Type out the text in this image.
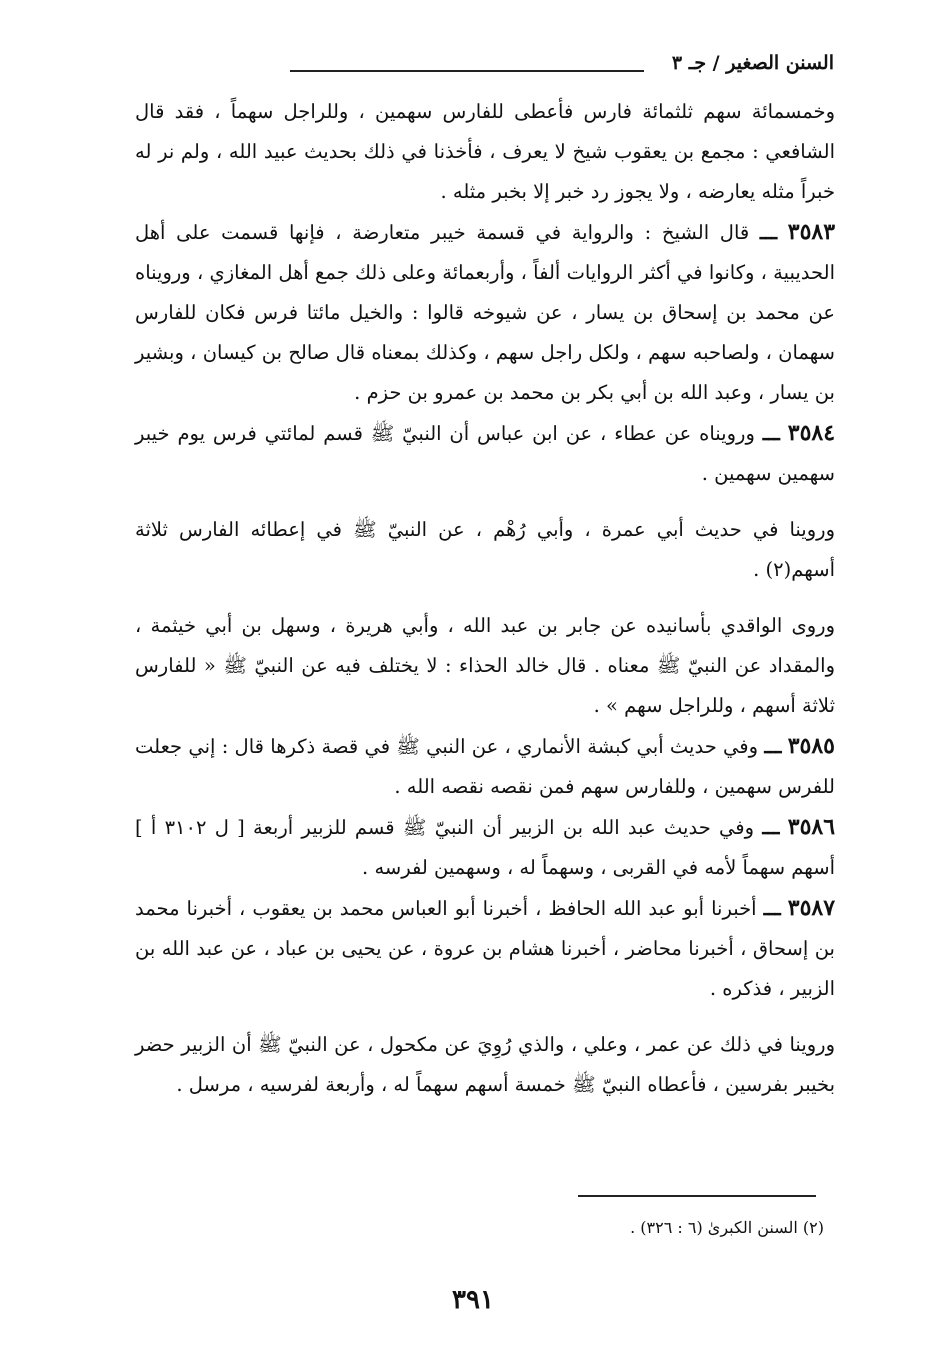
السنن الصغير / جـ ٣

وخمسمائة سهم ثلثمائة فارس فأعطى للفارس سهمين ، وللراجل سهماً ، فقد قال الشافعي : مجمع بن يعقوب شيخ لا يعرف ، فأخذنا في ذلك بحديث عبيد الله ، ولم نر له خبراً مثله يعارضه ، ولا يجوز رد خبر إلا بخبر مثله .

٣٥٨٣ ـــ قال الشيخ : والرواية في قسمة خيبر متعارضة ، فإنها قسمت على أهل الحديبية ، وكانوا في أكثر الروايات ألفاً ، وأربعمائة وعلى ذلك جمع أهل المغازي ، ورويناه عن محمد بن إسحاق بن يسار ، عن شيوخه قالوا : والخيل مائتا فرس فكان للفارس سهمان ، ولصاحبه سهم ، ولكل راجل سهم ، وكذلك بمعناه قال صالح بن كيسان ، وبشير بن يسار ، وعبد الله بن أبي بكر بن محمد بن عمرو بن حزم .

٣٥٨٤ ـــ ورويناه عن عطاء ، عن ابن عباس أن النبيّ ﷺ قسم لمائتي فرس يوم خيبر سهمين سهمين .

وروينا في حديث أبي عمرة ، وأبي رُهْم ، عن النبيّ ﷺ في إعطائه الفارس ثلاثة أسهم(٢) .

وروى الواقدي بأسانيده عن جابر بن عبد الله ، وأبي هريرة ، وسهل بن أبي خيثمة ، والمقداد عن النبيّ ﷺ معناه . قال خالد الحذاء : لا يختلف فيه عن النبيّ ﷺ « للفارس ثلاثة أسهم ، وللراجل سهم » .

٣٥٨٥ ـــ وفي حديث أبي كبشة الأنماري ، عن النبي ﷺ في قصة ذكرها قال : إني جعلت للفرس سهمين ، وللفارس سهم فمن نقصه نقصه الله .

٣٥٨٦ ـــ وفي حديث عبد الله بن الزبير أن النبيّ ﷺ قسم للزبير أربعة [ ل ٣١٠٢ أ ] أسهم سهماً لأمه في القربى ، وسهماً له ، وسهمين لفرسه .

٣٥٨٧ ـــ أخبرنا أبو عبد الله الحافظ ، أخبرنا أبو العباس محمد بن يعقوب ، أخبرنا محمد بن إسحاق ، أخبرنا محاضر ، أخبرنا هشام بن عروة ، عن يحيى بن عباد ، عن عبد الله بن الزبير ، فذكره .

وروينا في ذلك عن عمر ، وعلي ، والذي رُوِيَ عن مكحول ، عن النبيّ ﷺ أن الزبير حضر بخيبر بفرسين ، فأعطاه النبيّ ﷺ خمسة أسهم سهماً له ، وأربعة لفرسيه ، مرسل .

(٢) السنن الكبرىٰ (٦ : ٣٢٦) .
٣٩١
